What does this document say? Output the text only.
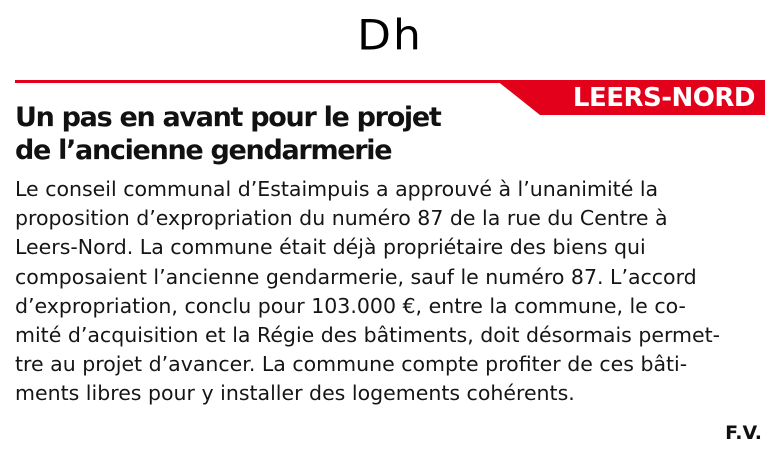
Dh
LEERS-NORD
Un pas en avant pour le projet
de l’ancienne gendarmerie
Le conseil communal d’Estaimpuis a approuvé à l’unanimité la
proposition d’expropriation du numéro 87 de la rue du Centre à
Leers-Nord. La commune était déjà propriétaire des biens qui
composaient l’ancienne gendarmerie, sauf le numéro 87. L’accord
d’expropriation, conclu pour 103.000 €, entre la commune, le co-
mité d’acquisition et la Régie des bâtiments, doit désormais permet-
tre au projet d’avancer. La commune compte profiter de ces bâti-
ments libres pour y installer des logements cohérents.
F.V.
